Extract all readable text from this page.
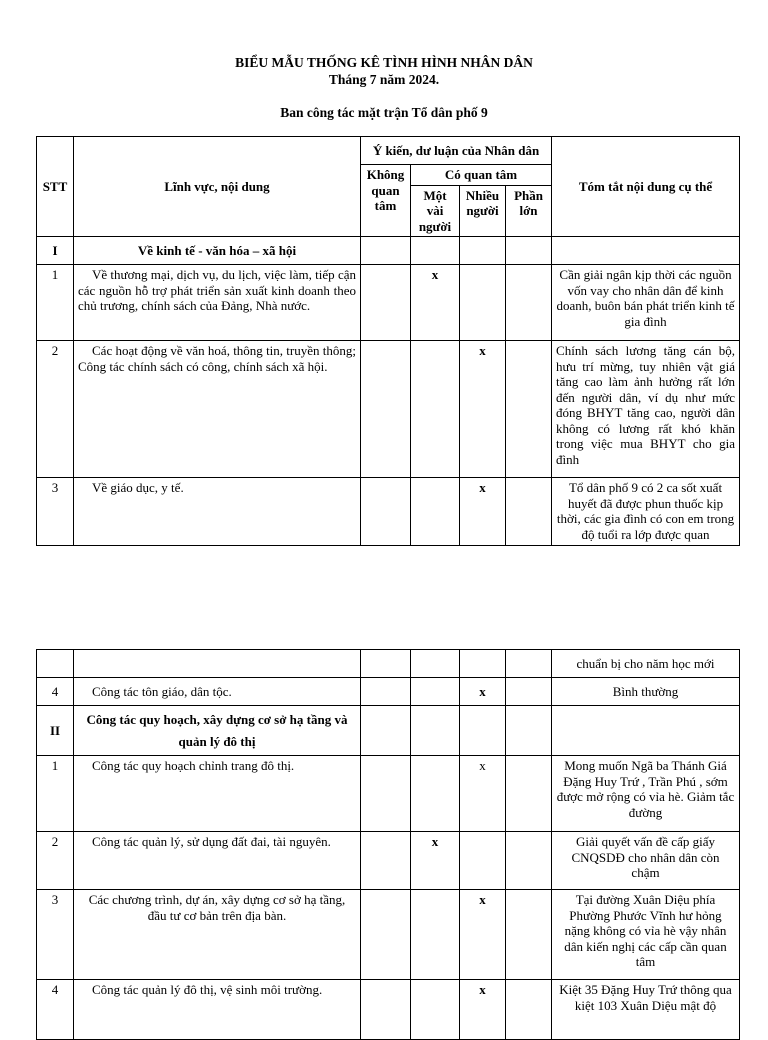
BIỂU MẪU THỐNG KÊ TÌNH HÌNH NHÂN DÂN
Tháng 7 năm 2024.
Ban công tác mặt trận Tổ dân phố 9
STT	Lĩnh vực, nội dung	Ý kiến, dư luận của Nhân dân				Tóm tắt nội dung cụ thể
		Không quan tâm	Có quan tâm			
			Một vài người	Nhiều người	Phần lớn	
I	Về kinh tế - văn hóa – xã hội					
1	Về thương mại, dịch vụ, du lịch, việc làm, tiếp cận các nguồn hỗ trợ phát triển sản xuất kinh doanh theo chủ trương, chính sách của Đảng, Nhà nước.		x			Cần giải ngân kịp thời các nguồn vốn vay cho nhân dân để kinh doanh, buôn bán phát triển kinh tế gia đình
2	Các hoạt động về văn hoá, thông tin, truyền thông; Công tác chính sách có công, chính sách xã hội.			x		Chính sách lương tăng cán bộ, hưu trí mừng, tuy nhiên vật giá tăng cao làm ảnh hưởng rất lớn đến người dân, ví dụ như mức đóng BHYT tăng cao, người dân không có lương rất khó khăn trong việc mua BHYT cho gia đình
3	Về giáo dục, y tế.			x		Tổ dân phố 9 có 2 ca sốt xuất huyết đã được phun thuốc kịp thời, các gia đình có con em trong độ tuổi ra lớp được quan
						chuẩn bị cho năm học mới
4	Công tác tôn giáo, dân tộc.			x		Bình thường
II	Công tác quy hoạch, xây dựng cơ sở hạ tầng và quản lý đô thị					
1	Công tác quy hoạch chỉnh trang đô thị.			x		Mong muốn Ngã ba Thánh Giá Đặng Huy Trứ , Trần Phú , sớm được mở rộng có vỉa hè. Giảm tắc đường
2	Công tác quản lý, sử dụng đất đai, tài nguyên.		x			Giải quyết vấn đề cấp giấy CNQSDĐ cho nhân dân còn chậm
3	Các chương trình, dự án, xây dựng cơ sở hạ tầng, đầu tư cơ bản trên địa bàn.			x		Tại đường Xuân Diệu phía Phường Phước Vĩnh hư hỏng nặng không có vỉa hè vậy nhân dân kiến nghị các cấp cần quan tâm
4	Công tác quản lý đô thị, vệ sinh môi trường.			x		Kiệt 35 Đặng Huy Trứ thông qua kiệt 103 Xuân Diệu mật độ
